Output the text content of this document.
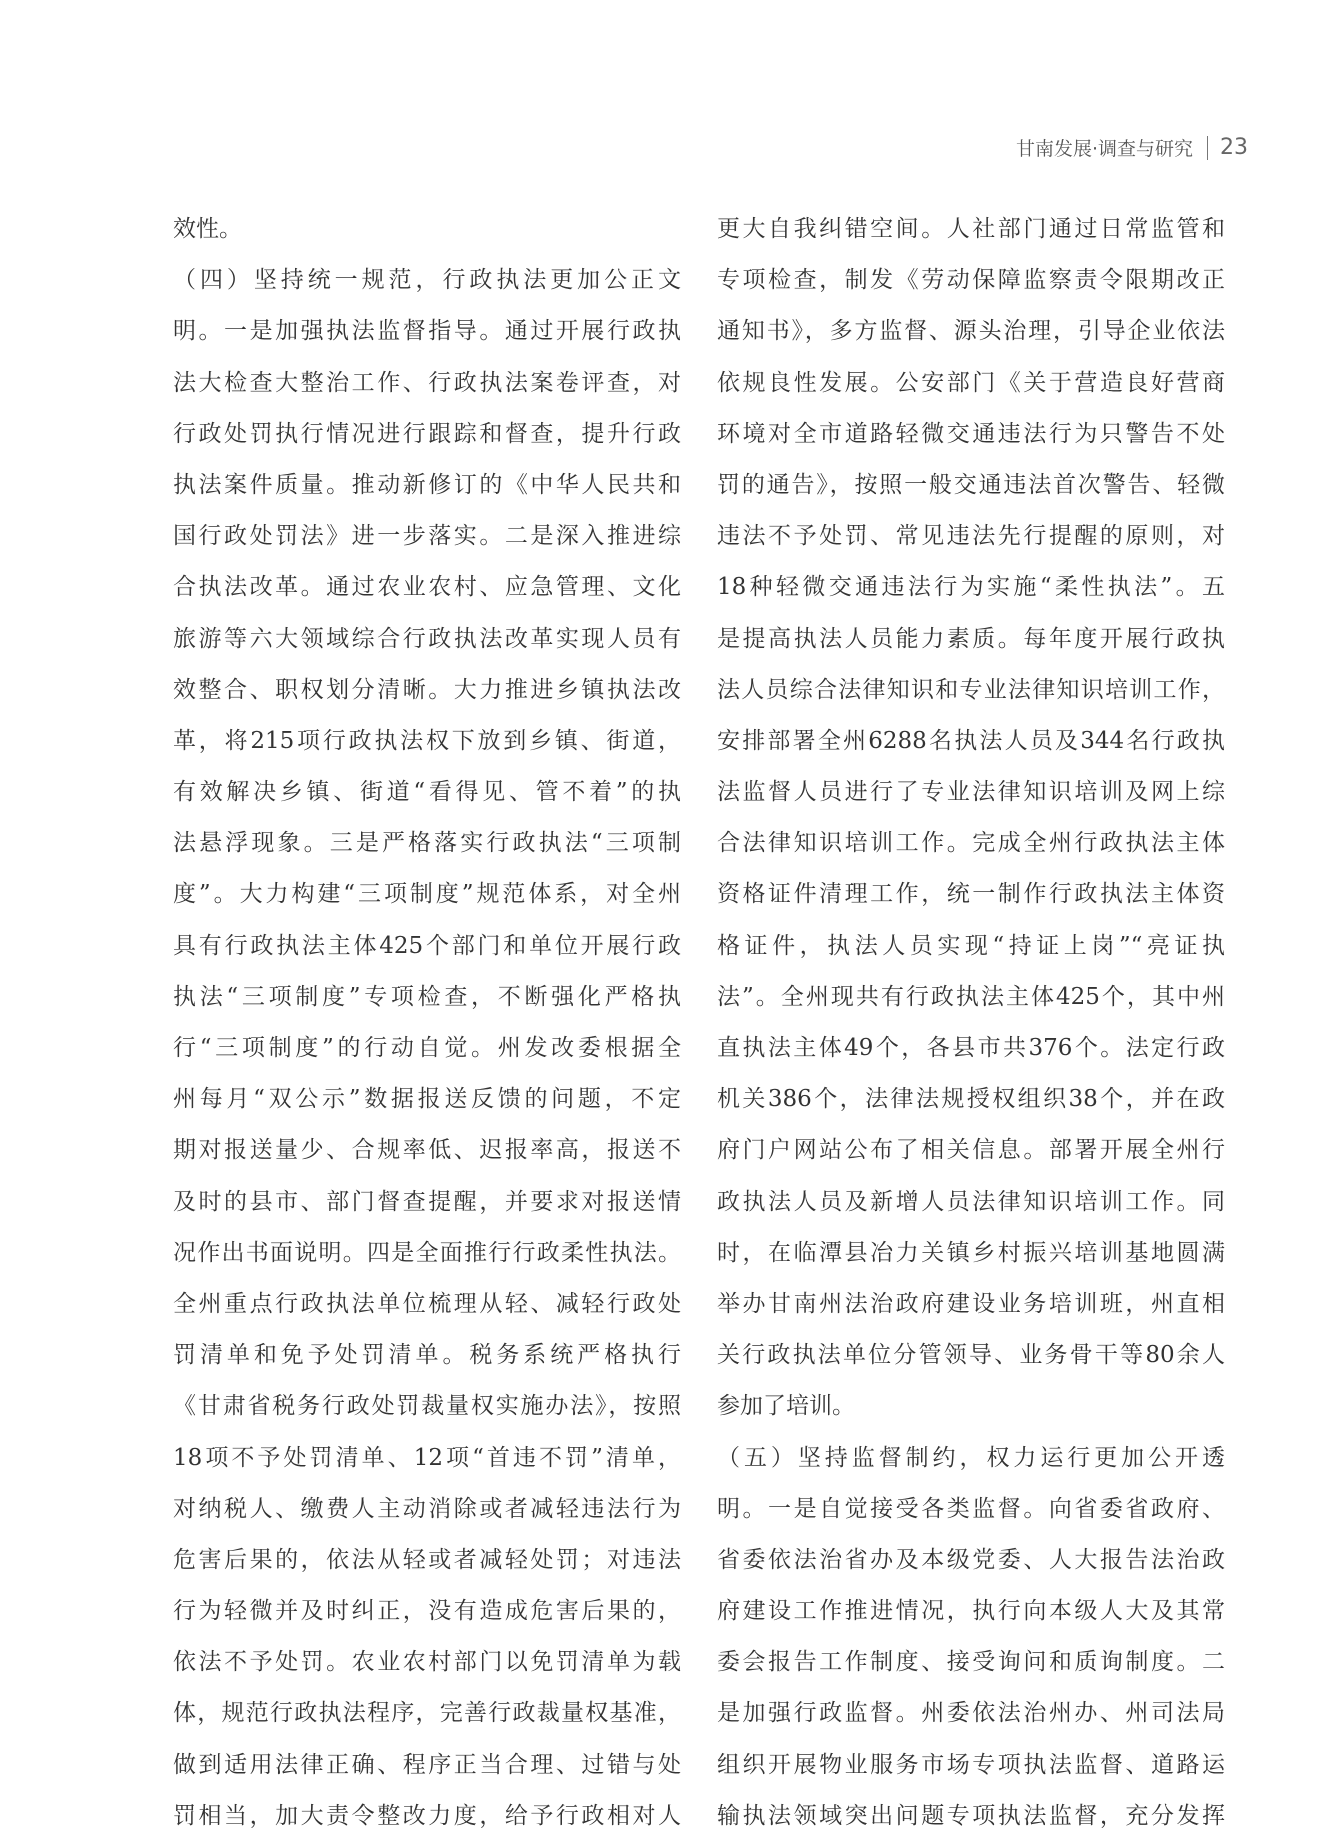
甘南发展·调查与研究 23
效性。
（四）坚持统一规范，行政执法更加公正文
明。一是加强执法监督指导。通过开展行政执
法大检查大整治工作、行政执法案卷评查，对
行政处罚执行情况进行跟踪和督查，提升行政
执法案件质量。推动新修订的《中华人民共和
国行政处罚法》进一步落实。二是深入推进综
合执法改革。通过农业农村、应急管理、文化
旅游等六大领域综合行政执法改革实现人员有
效整合、职权划分清晰。大力推进乡镇执法改
革，将215项行政执法权下放到乡镇、街道，
有效解决乡镇、街道“看得见、管不着”的执
法悬浮现象。三是严格落实行政执法“三项制
度”。大力构建“三项制度”规范体系，对全州
具有行政执法主体425个部门和单位开展行政
执法“三项制度”专项检查，不断强化严格执
行“三项制度”的行动自觉。州发改委根据全
州每月“双公示”数据报送反馈的问题，不定
期对报送量少、合规率低、迟报率高，报送不
及时的县市、部门督查提醒，并要求对报送情
况作出书面说明。四是全面推行行政柔性执法。
全州重点行政执法单位梳理从轻、减轻行政处
罚清单和免予处罚清单。税务系统严格执行
《甘肃省税务行政处罚裁量权实施办法》，按照
18项不予处罚清单、12项“首违不罚”清单，
对纳税人、缴费人主动消除或者减轻违法行为
危害后果的，依法从轻或者减轻处罚；对违法
行为轻微并及时纠正，没有造成危害后果的，
依法不予处罚。农业农村部门以免罚清单为载
体，规范行政执法程序，完善行政裁量权基准，
做到适用法律正确、程序正当合理、过错与处
罚相当，加大责令整改力度，给予行政相对人
更大自我纠错空间。人社部门通过日常监管和
专项检查，制发《劳动保障监察责令限期改正
通知书》，多方监督、源头治理，引导企业依法
依规良性发展。公安部门《关于营造良好营商
环境对全市道路轻微交通违法行为只警告不处
罚的通告》，按照一般交通违法首次警告、轻微
违法不予处罚、常见违法先行提醒的原则，对
18种轻微交通违法行为实施“柔性执法”。五
是提高执法人员能力素质。每年度开展行政执
法人员综合法律知识和专业法律知识培训工作，
安排部署全州6288名执法人员及344名行政执
法监督人员进行了专业法律知识培训及网上综
合法律知识培训工作。完成全州行政执法主体
资格证件清理工作，统一制作行政执法主体资
格证件，执法人员实现“持证上岗”“亮证执
法”。全州现共有行政执法主体425个，其中州
直执法主体49个，各县市共376个。法定行政
机关386个，法律法规授权组织38个，并在政
府门户网站公布了相关信息。部署开展全州行
政执法人员及新增人员法律知识培训工作。同
时，在临潭县冶力关镇乡村振兴培训基地圆满
举办甘南州法治政府建设业务培训班，州直相
关行政执法单位分管领导、业务骨干等80余人
参加了培训。
（五）坚持监督制约，权力运行更加公开透
明。一是自觉接受各类监督。向省委省政府、
省委依法治省办及本级党委、人大报告法治政
府建设工作推进情况，执行向本级人大及其常
委会报告工作制度、接受询问和质询制度。二
是加强行政监督。州委依法治州办、州司法局
组织开展物业服务市场专项执法监督、道路运
输执法领域突出问题专项执法监督，充分发挥
